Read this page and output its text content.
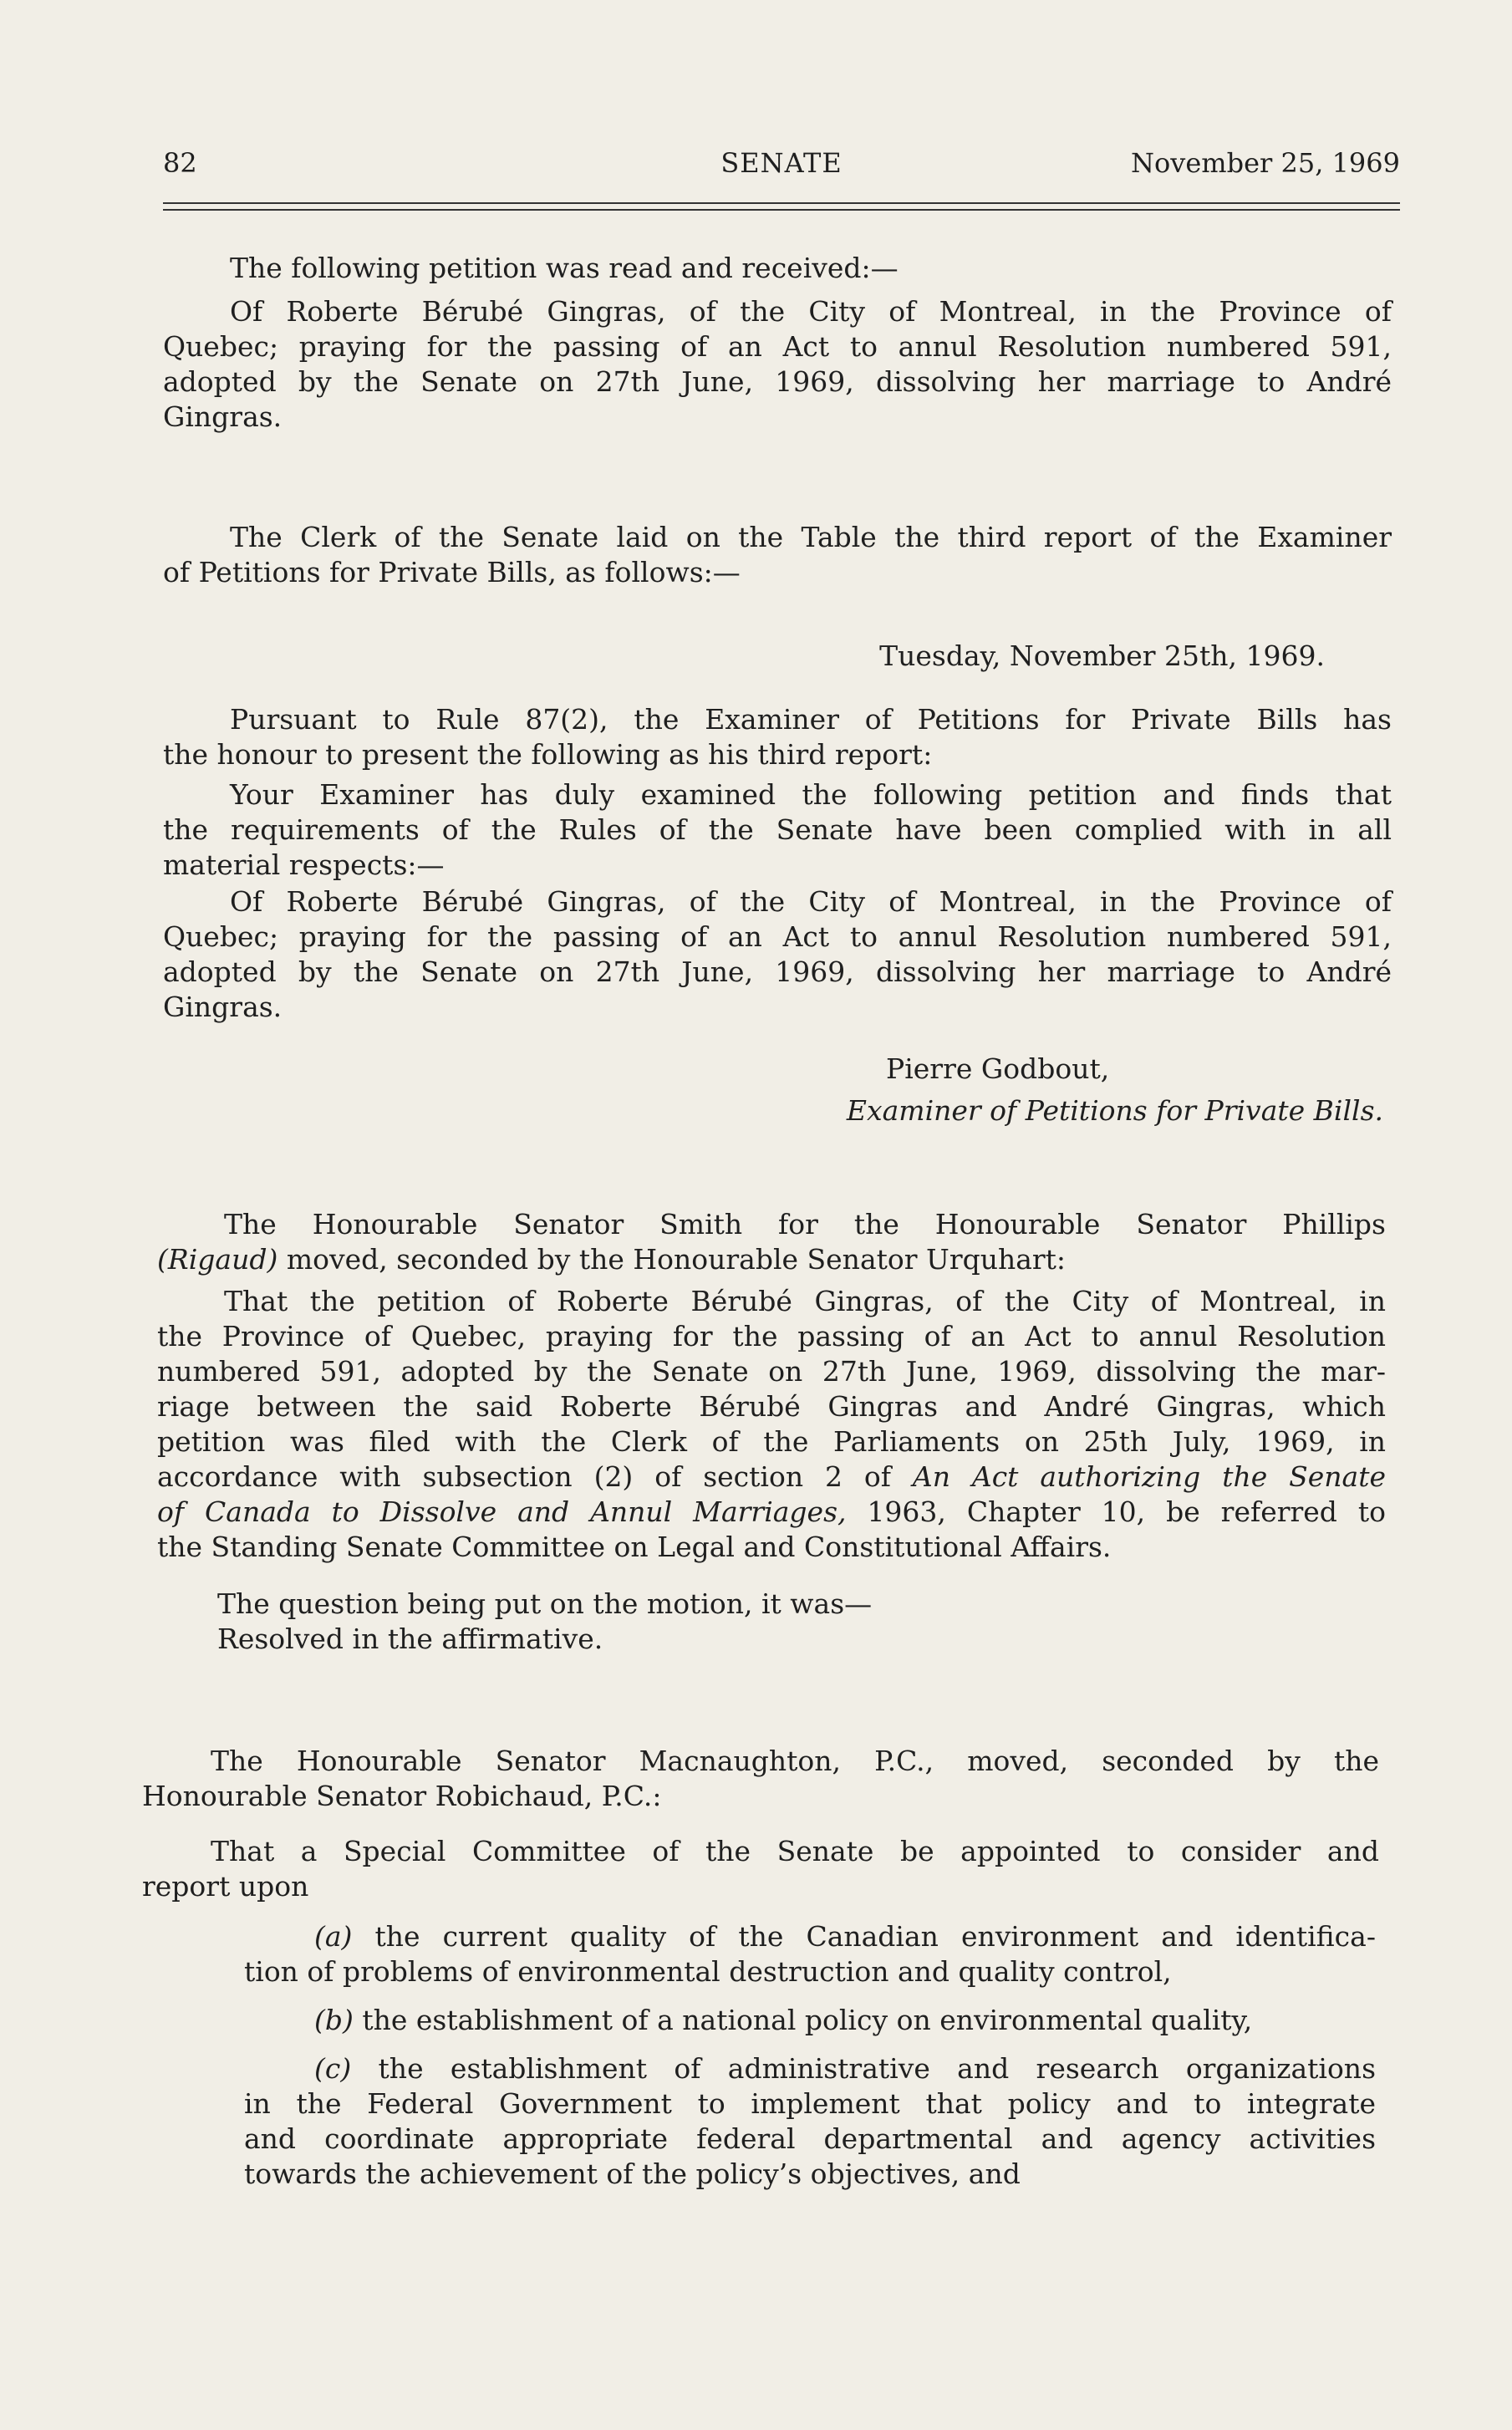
82	SENATE	November 25, 1969
The following petition was read and received:—
Of Roberte Bérubé Gingras, of the City of Montreal, in the Province of
Quebec; praying for the passing of an Act to annul Resolution numbered 591,
adopted by the Senate on 27th June, 1969, dissolving her marriage to André
Gingras.
The Clerk of the Senate laid on the Table the third report of the Examiner
of Petitions for Private Bills, as follows:—
Tuesday, November 25th, 1969.
Pursuant to Rule 87(2), the Examiner of Petitions for Private Bills has
the honour to present the following as his third report:
Your Examiner has duly examined the following petition and finds that
the requirements of the Rules of the Senate have been complied with in all
material respects:—
Of Roberte Bérubé Gingras, of the City of Montreal, in the Province of
Quebec; praying for the passing of an Act to annul Resolution numbered 591,
adopted by the Senate on 27th June, 1969, dissolving her marriage to André
Gingras.
Pierre Godbout,
Examiner of Petitions for Private Bills.
The Honourable Senator Smith for the Honourable Senator Phillips
(Rigaud) moved, seconded by the Honourable Senator Urquhart:
That the petition of Roberte Bérubé Gingras, of the City of Montreal, in
the Province of Quebec, praying for the passing of an Act to annul Resolution
numbered 591, adopted by the Senate on 27th June, 1969, dissolving the mar-
riage between the said Roberte Bérubé Gingras and André Gingras, which
petition was filed with the Clerk of the Parliaments on 25th July, 1969, in
accordance with subsection (2) of section 2 of An Act authorizing the Senate
of Canada to Dissolve and Annul Marriages, 1963, Chapter 10, be referred to
the Standing Senate Committee on Legal and Constitutional Affairs.
The question being put on the motion, it was—
Resolved in the affirmative.
The Honourable Senator Macnaughton, P.C., moved, seconded by the
Honourable Senator Robichaud, P.C.:
That a Special Committee of the Senate be appointed to consider and
report upon
(a) the current quality of the Canadian environment and identifica-
tion of problems of environmental destruction and quality control,
(b) the establishment of a national policy on environmental quality,
(c) the establishment of administrative and research organizations
in the Federal Government to implement that policy and to integrate
and coordinate appropriate federal departmental and agency activities
towards the achievement of the policy’s objectives, and
